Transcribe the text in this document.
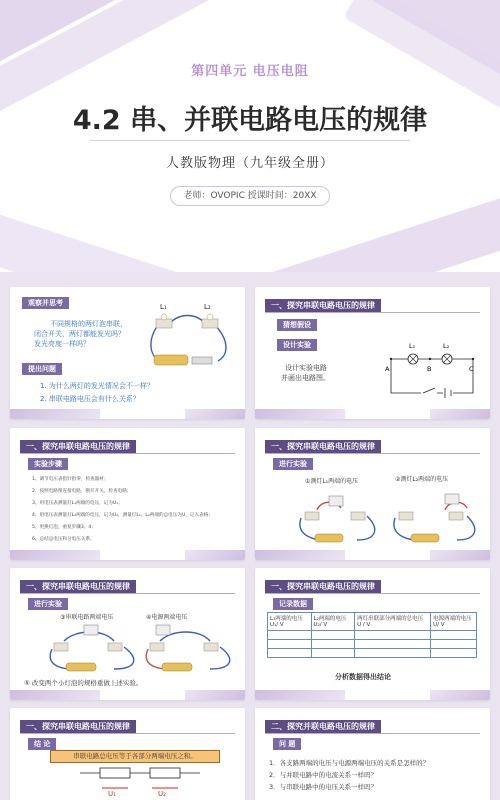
第四单元 电压电阻
4.2 串、并联电路电压的规律
人教版物理（九年级全册）
老师：OVOPIC 授课时间：20XX
观察并思考
不同规格的两灯泡串联，
闭合开关，两灯都能发光吗？
发光亮度一样吗？
L₁	L₂
提出问题
1. 为什么两灯的发光情况会不一样？
2. 串联电路电压会有什么关系？
一、探究串联电路电压的规律
猜想假设
设计实验
设计实验电路
并画出电路图。
L₁	L₂
A	B	C
一、探究串联电路电压的规律
实验步骤
1、调节电压表指针指零，检查器材；
2、按照电路图连接电路，断开开关，检查电路；
3、用电压表测量灯L₁两端的电压，记为U₁；
4、用电压表测量灯L₂两端的电压，记为U₂，测量灯L₁、L₂两端的总电压为U，记入表格；
5、更换灯泡，重复步骤3、4；
6、总结总电压和分电压关系。
一、探究串联电路电压的规律
进行实验
①测灯L₁两端的电压	②测灯L₂两端的电压
一、探究串联电路电压的规律
进行实验
③串联电路两端电压	④电源两端电压
⑤ 改变两个小灯泡的规格重做上述实验。
一、探究串联电路电压的规律
记录数据
L₁两端的电压U₁/ V	L₂两端的电压U₂/ V	两灯串联部分两端的总电压 U / V	电源两端的电压U/ V

分析数据得出结论
一、探究串联电路电压的规律
结 论
串联电路总电压等于各部分两端电压之和。
U₁	U₂
二、探究并联电路电压的规律
问 题
1．各支路两端的电压与电源两端电压的关系是怎样的？
2．与并联电路中的电流关系一样吗？
3．与串联电路中的电压关系一样吗？
